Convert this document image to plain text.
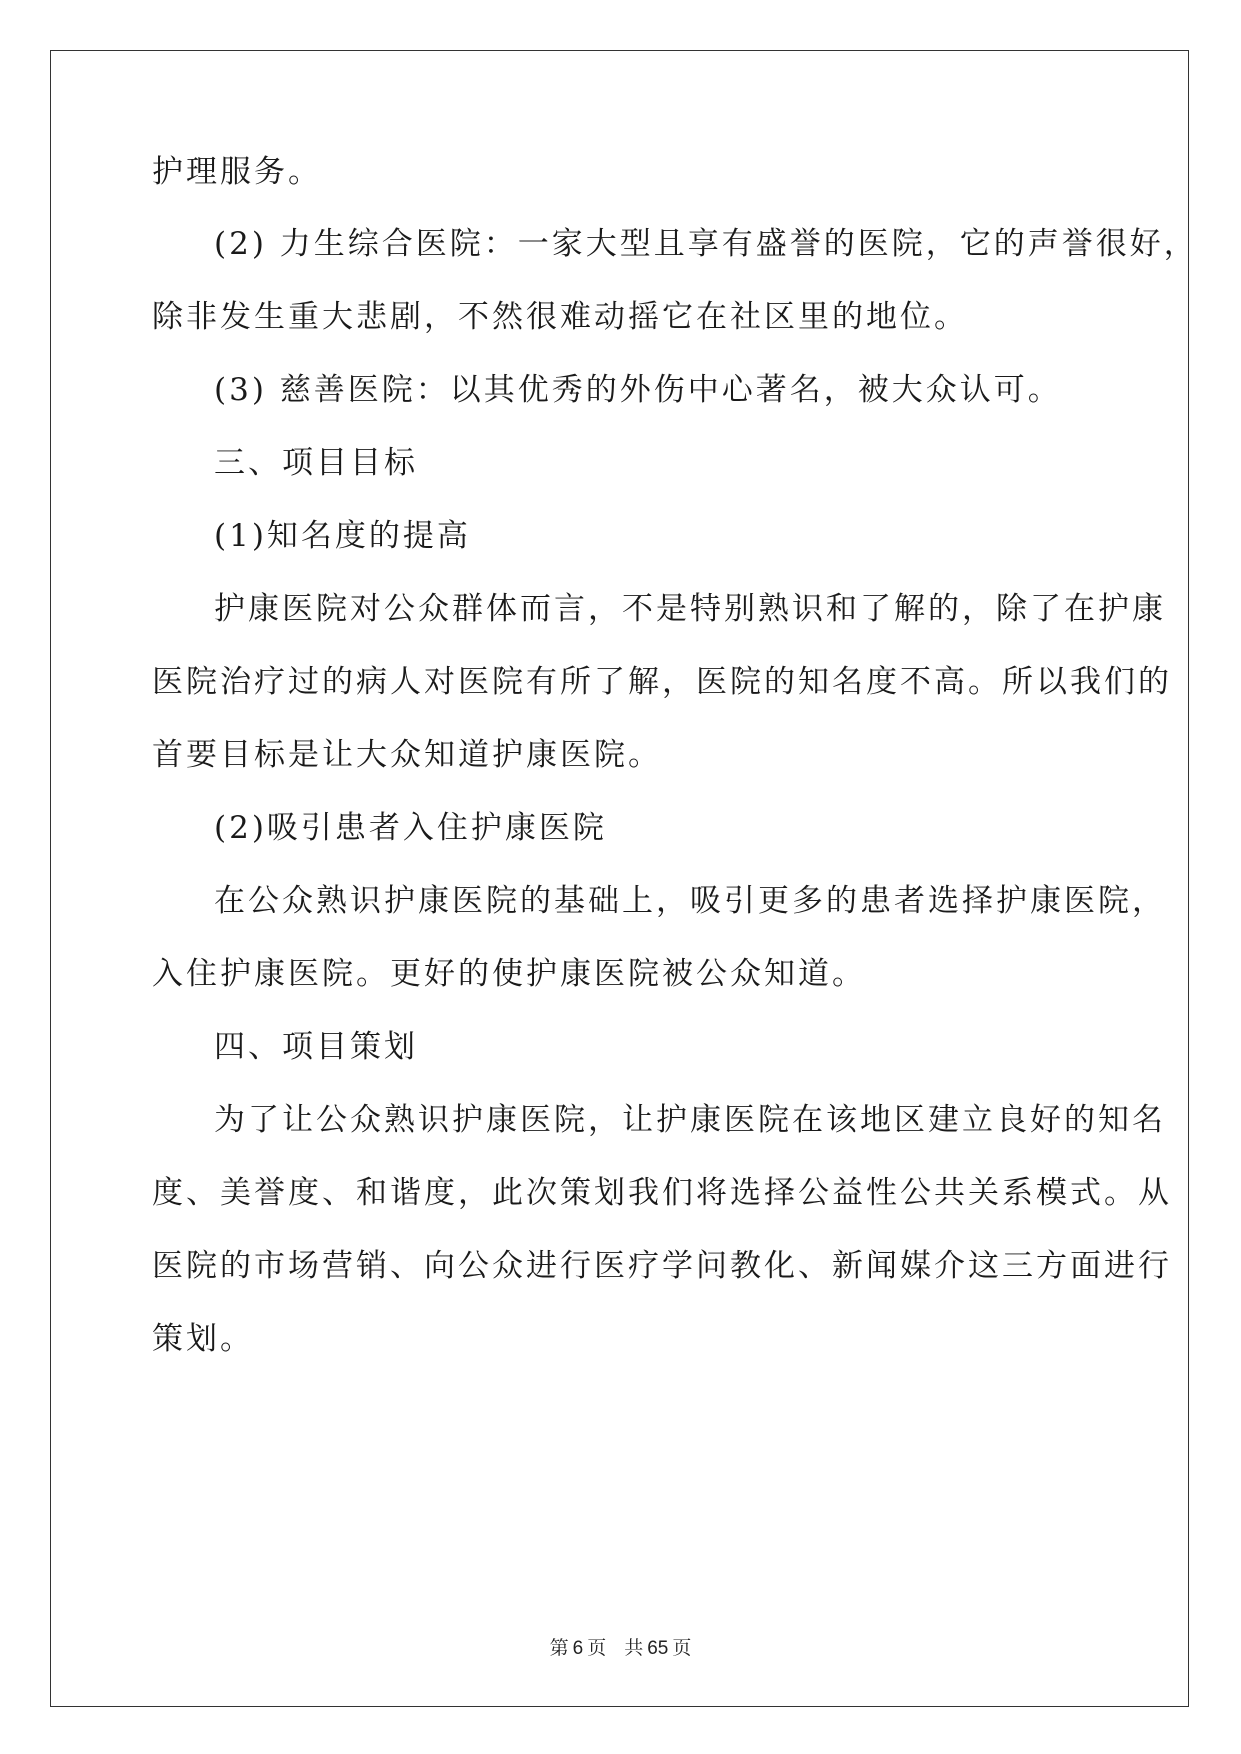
护理服务。
(2) 力生综合医院：一家大型且享有盛誉的医院，它的声誉很好，
除非发生重大悲剧，不然很难动摇它在社区里的地位。
(3) 慈善医院：以其优秀的外伤中心著名，被大众认可。
三、项目目标
(1)知名度的提高
护康医院对公众群体而言，不是特别熟识和了解的，除了在护康
医院治疗过的病人对医院有所了解，医院的知名度不高。所以我们的
首要目标是让大众知道护康医院。
(2)吸引患者入住护康医院
在公众熟识护康医院的基础上，吸引更多的患者选择护康医院，
入住护康医院。更好的使护康医院被公众知道。
四、项目策划
为了让公众熟识护康医院，让护康医院在该地区建立良好的知名
度、美誉度、和谐度，此次策划我们将选择公益性公共关系模式。从
医院的市场营销、向公众进行医疗学问教化、新闻媒介这三方面进行
策划。
第 6 页 共 65 页
